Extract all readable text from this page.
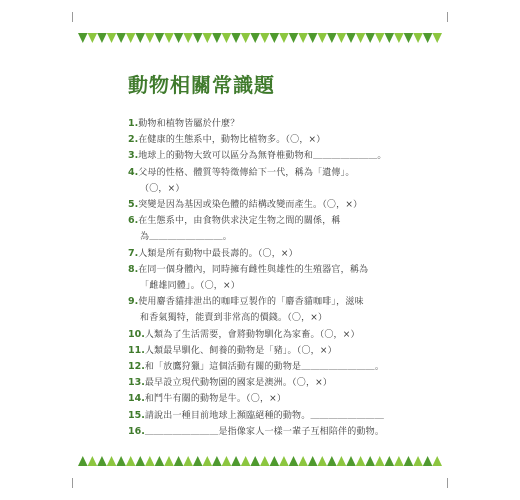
動物相關常識題
1. 動物和植物皆屬於什麼？
2. 在健康的生態系中，動物比植物多。（〇，×）
3. 地球上的動物大致可以區分為無脊椎動物和＿＿＿＿＿＿＿。
4. 父母的性格、體質等特徵傳給下一代，稱為「遺傳」。
（〇，×）
5. 突變是因為基因或染色體的結構改變而產生。（〇，×）
6. 在生態系中，由食物供求決定生物之間的關係，稱
為＿＿＿＿＿＿＿＿。
7. 人類是所有動物中最長壽的。（〇，×）
8. 在同一個身體內，同時擁有雌性與雄性的生殖器官，稱為
「雌雄同體」。（〇，×）
9. 使用麝香貓排泄出的咖啡豆製作的「麝香貓咖啡」，滋味
和香氣獨特，能賣到非常高的價錢。（〇，×）
10. 人類為了生活需要，會將動物馴化為家畜。（〇，×）
11. 人類最早馴化、飼養的動物是「豬」。（〇，×）
12. 和「放鷹狩獵」這個活動有關的動物是＿＿＿＿＿＿＿＿。
13. 最早設立現代動物園的國家是澳洲。（〇，×）
14. 和鬥牛有關的動物是牛。（〇，×）
15. 請說出一種目前地球上瀕臨絕種的動物。＿＿＿＿＿＿＿＿
16. ＿＿＿＿＿＿＿＿是指像家人一樣一輩子互相陪伴的動物。
